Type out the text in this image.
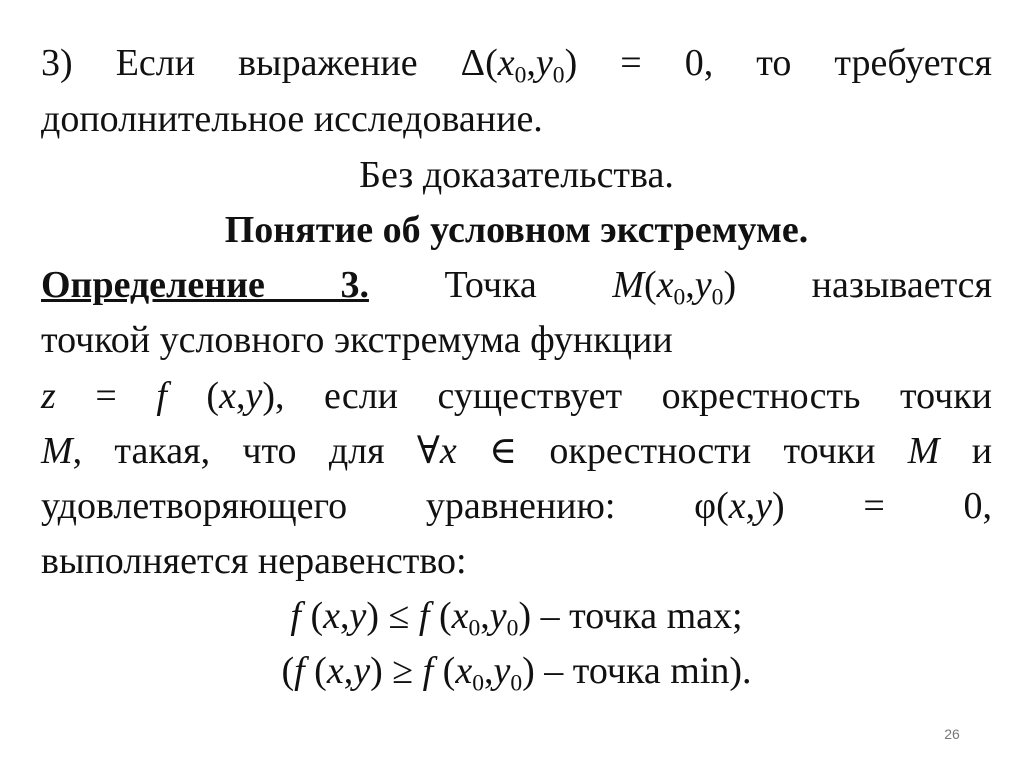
3) Если выражение $\Delta(x_0,y_0) = 0$, то требуется
дополнительное исследование.
Без доказательства.
Понятие об условном экстремуме.
Определение 3. Точка $M(x_0,y_0)$ называется
точкой условного экстремума функции
z = f (x,y), если существует окрестность точки
M, такая, что для ∀x ∈ окрестности точки M и
удовлетворяющего уравнению: φ(x,y) = 0,
выполняется неравенство:
f (x,y) ≤ f $(x_0,y_0)$ – точка max;
(f (x,y) ≥ f $(x_0,y_0)$ – точка min).
26
